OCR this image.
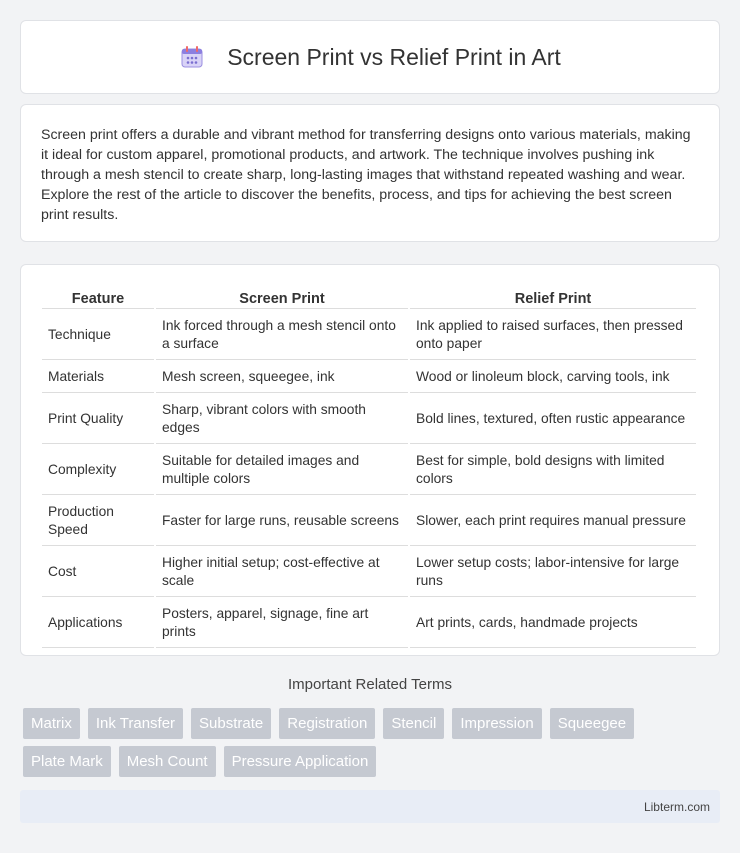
Screen Print vs Relief Print in Art

Screen print offers a durable and vibrant method for transferring designs onto various materials, making it ideal for custom apparel, promotional products, and artwork. The technique involves pushing ink through a mesh stencil to create sharp, long-lasting images that withstand repeated washing and wear. Explore the rest of the article to discover the benefits, process, and tips for achieving the best screen print results.

Feature	Screen Print	Relief Print
Technique	Ink forced through a mesh stencil onto a surface	Ink applied to raised surfaces, then pressed onto paper
Materials	Mesh screen, squeegee, ink	Wood or linoleum block, carving tools, ink
Print Quality	Sharp, vibrant colors with smooth edges	Bold lines, textured, often rustic appearance
Complexity	Suitable for detailed images and multiple colors	Best for simple, bold designs with limited colors
Production Speed	Faster for large runs, reusable screens	Slower, each print requires manual pressure
Cost	Higher initial setup; cost-effective at scale	Lower setup costs; labor-intensive for large runs
Applications	Posters, apparel, signage, fine art prints	Art prints, cards, handmade projects
Important Related Terms
Matrix	Ink Transfer	Substrate	Registration	Stencil	Impression	Squeegee
Plate Mark	Mesh Count	Pressure Application
Libterm.com
